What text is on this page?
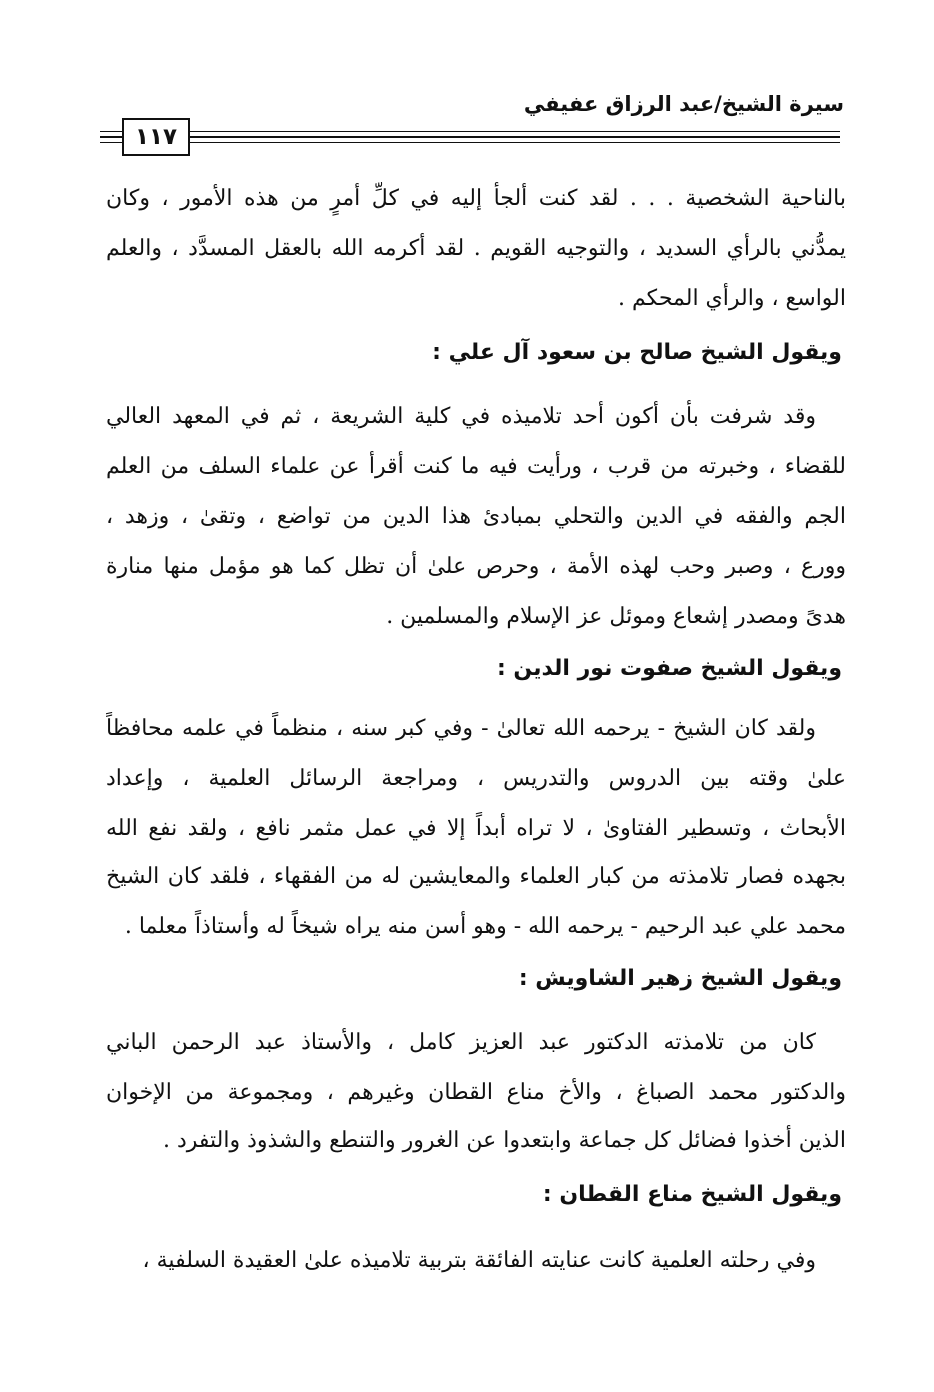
سيرة الشيخ/عبد الرزاق عفيفي
١١٧
بالناحية الشخصية . . . لقد كنت ألجأ إليه في كلِّ أمرٍ من هذه الأمور ، وكان
يمدُّني بالرأي السديد ، والتوجيه القويم . لقد أكرمه الله بالعقل المسدَّد ، والعلم
الواسع ، والرأي المحكم .
ويقول الشيخ صالح بن سعود آل علي :
وقد شرفت بأن أكون أحد تلاميذه في كلية الشريعة ، ثم في المعهد العالي
للقضاء ، وخبرته من قرب ، ورأيت فيه ما كنت أقرأ عن علماء السلف من العلم
الجم والفقه في الدين والتحلي بمبادئ هذا الدين من تواضع ، وتقىٰ ، وزهد ،
وورع ، وصبر وحب لهذه الأمة ، وحرص علىٰ أن تظل كما هو مؤمل منها منارة
هدىً ومصدر إشعاع وموئل عز الإسلام والمسلمين .
ويقول الشيخ صفوت نور الدين :
ولقد كان الشيخ - يرحمه الله تعالىٰ - وفي كبر سنه ، منظماً في علمه محافظاً
علىٰ وقته بين الدروس والتدريس ، ومراجعة الرسائل العلمية ، وإعداد
الأبحاث ، وتسطير الفتاوىٰ ، لا تراه أبداً إلا في عمل مثمر نافع ، ولقد نفع الله
بجهده فصار تلامذته من كبار العلماء والمعايشين له من الفقهاء ، فلقد كان الشيخ
محمد علي عبد الرحيم - يرحمه الله - وهو أسن منه يراه شيخاً له وأستاذاً معلما .
ويقول الشيخ زهير الشاويش :
كان من تلامذته الدكتور عبد العزيز كامل ، والأستاذ عبد الرحمن الباني
والدكتور محمد الصباغ ، والأخ مناع القطان وغيرهم ، ومجموعة من الإخوان
الذين أخذوا فضائل كل جماعة وابتعدوا عن الغرور والتنطع والشذوذ والتفرد .
ويقول الشيخ مناع القطان :
وفي رحلته العلمية كانت عنايته الفائقة بتربية تلاميذه علىٰ العقيدة السلفية ،
